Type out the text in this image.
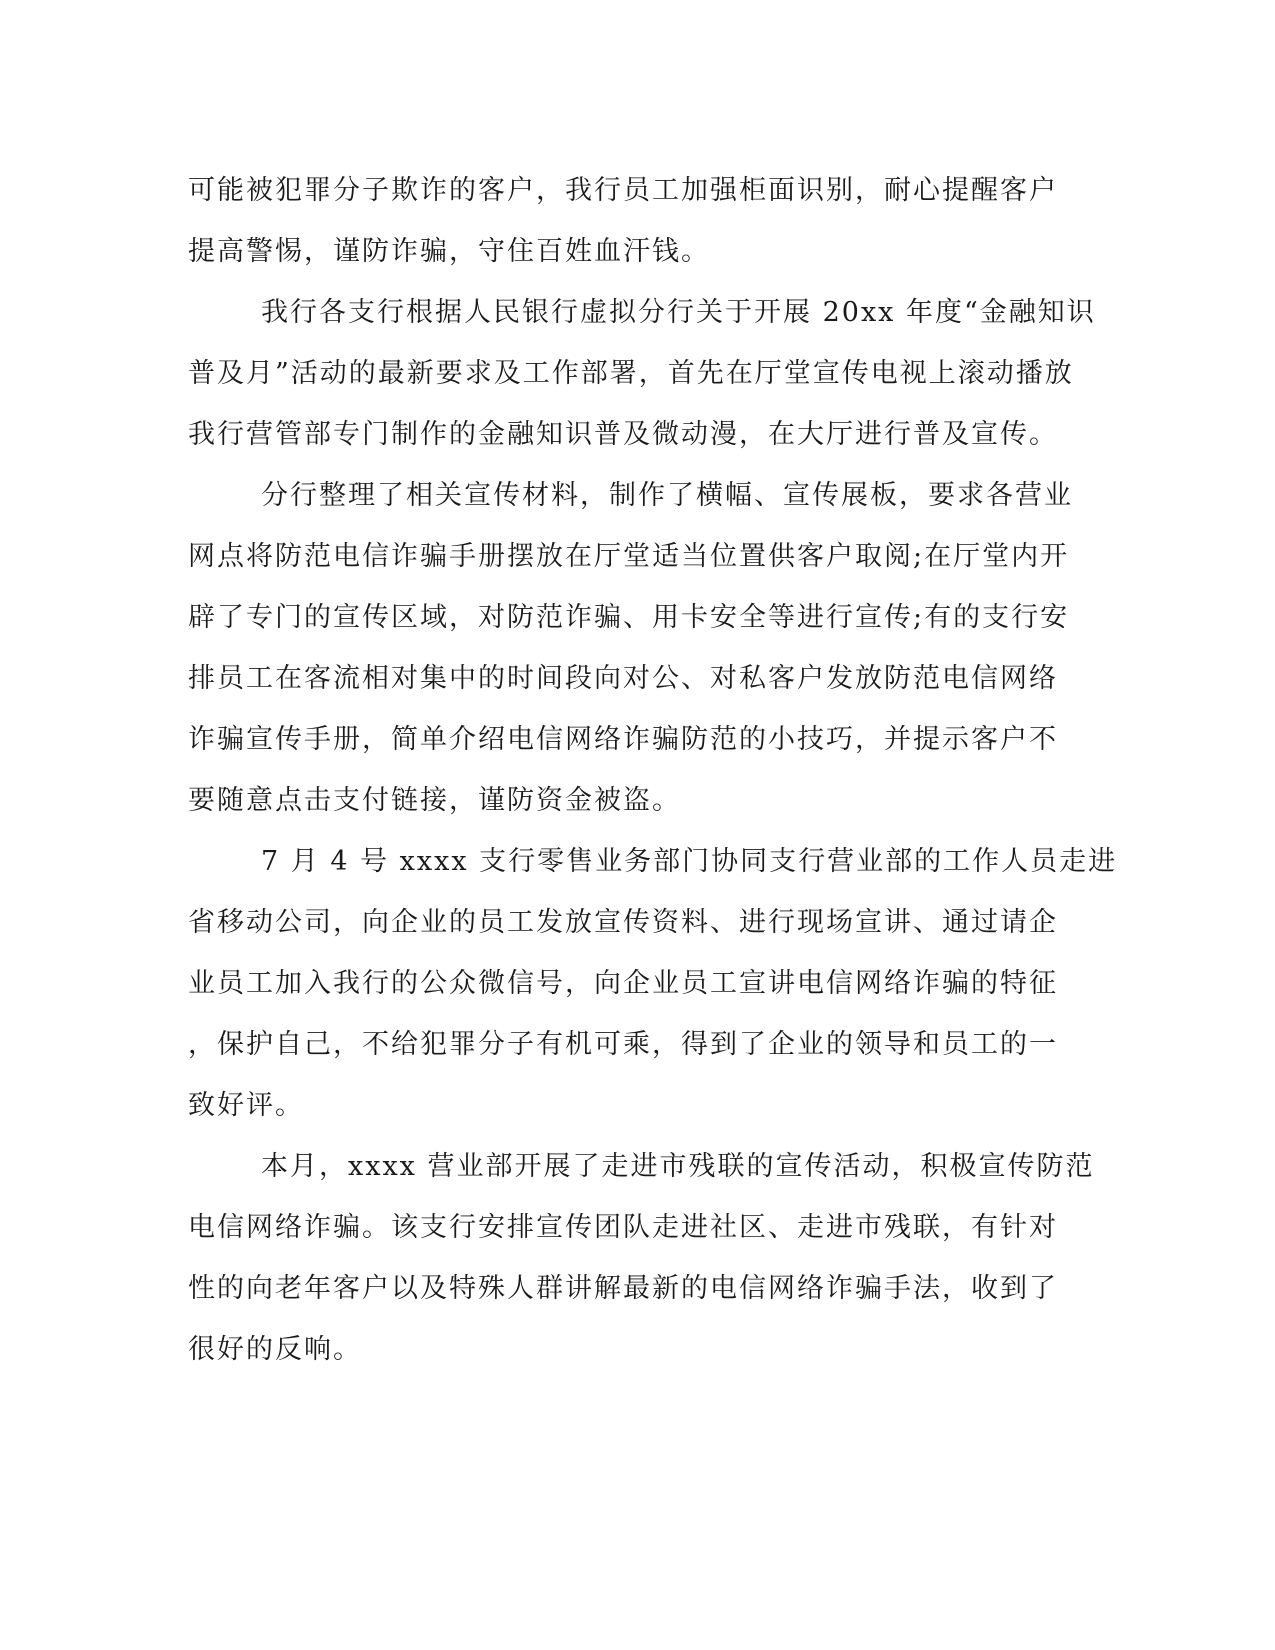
可能被犯罪分子欺诈的客户，我行员工加强柜面识别，耐心提醒客户
提高警惕，谨防诈骗，守住百姓血汗钱。
我行各支行根据人民银行虚拟分行关于开展 20xx 年度“金融知识
普及月”活动的最新要求及工作部署，首先在厅堂宣传电视上滚动播放
我行营管部专门制作的金融知识普及微动漫，在大厅进行普及宣传。
分行整理了相关宣传材料，制作了横幅、宣传展板，要求各营业
网点将防范电信诈骗手册摆放在厅堂适当位置供客户取阅;在厅堂内开
辟了专门的宣传区域，对防范诈骗、用卡安全等进行宣传;有的支行安
排员工在客流相对集中的时间段向对公、对私客户发放防范电信网络
诈骗宣传手册，简单介绍电信网络诈骗防范的小技巧，并提示客户不
要随意点击支付链接，谨防资金被盗。
7 月 4 号 xxxx 支行零售业务部门协同支行营业部的工作人员走进
省移动公司，向企业的员工发放宣传资料、进行现场宣讲、通过请企
业员工加入我行的公众微信号，向企业员工宣讲电信网络诈骗的特征
，保护自己，不给犯罪分子有机可乘，得到了企业的领导和员工的一
致好评。
本月，xxxx 营业部开展了走进市残联的宣传活动，积极宣传防范
电信网络诈骗。该支行安排宣传团队走进社区、走进市残联，有针对
性的向老年客户以及特殊人群讲解最新的电信网络诈骗手法，收到了
很好的反响。
